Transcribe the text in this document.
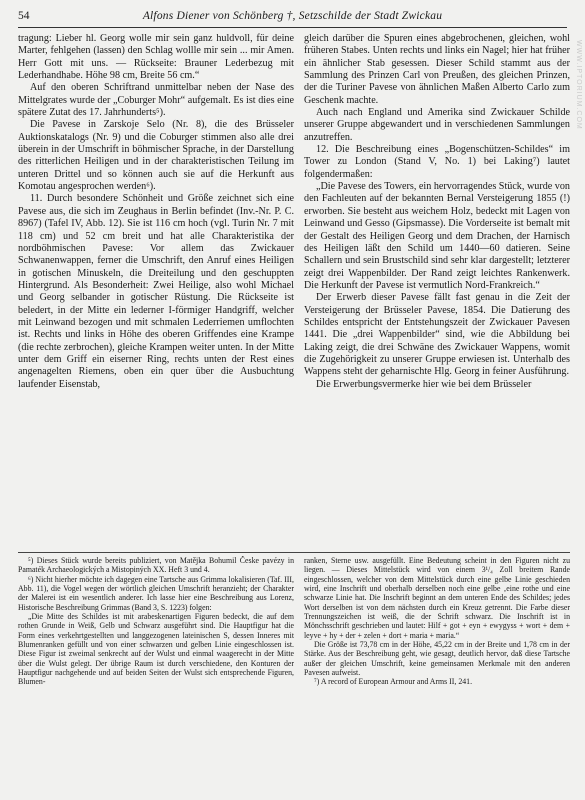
54	Alfons Diener von Schönberg †, Setzschilde der Stadt Zwickau

tragung: Lieber hl. Georg wolle mir sein ganz huldvoll, für deine Marter, fehlgehen (lassen) den Schlag wollle mir sein ... mir Amen. Herr Gott mit uns. — Rückseite: Brauner Lederbezug mit Lederhandhabe. Höhe 98 cm, Breite 56 cm.“

Auf den oberen Schriftrand unmittelbar neben der Nase des Mittelgrates wurde der „Coburger Mohr“ aufgemalt. Es ist dies eine spätere Zutat des 17. Jahrhunderts⁵).

Die Pavese in Zarskoje Selo (Nr. 8), die des Brüsseler Auktionskatalogs (Nr. 9) und die Coburger stimmen also alle drei überein in der Umschrift in böhmischer Sprache, in der Darstellung des ritterlichen Heiligen und in der charakteristischen Teilung im unteren Drittel und so können auch sie auf die Herkunft aus Komotau angesprochen werden⁶).

11. Durch besondere Schönheit und Größe zeichnet sich eine Pavese aus, die sich im Zeughaus in Berlin befindet (Inv.-Nr. P. C. 8967) (Tafel IV, Abb. 12). Sie ist 116 cm hoch (vgl. Turin Nr. 7 mit 118 cm) und 52 cm breit und hat alle Charakteristika der nordböhmischen Pavese: Vor allem das Zwickauer Schwanenwappen, ferner die Umschrift, den Anruf eines Heiligen in gotischen Minuskeln, die Dreiteilung und den geschuppten Hintergrund. Als Besonderheit: Zwei Heilige, also wohl Michael und Georg selbander in gotischer Rüstung. Die Rückseite ist beledert, in der Mitte ein lederner I-förmiger Handgriff, welcher mit Leinwand bezogen und mit schmalen Lederriemen umflochten ist. Rechts und links in Höhe des oberen Griffendes eine Krampe (die rechte zerbrochen), gleiche Krampen weiter unten. In der Mitte unter dem Griff ein eiserner Ring, rechts unten der Rest eines angenagelten Riemens, oben ein quer über die Ausbuchtung laufender Eisenstab,

gleich darüber die Spuren eines abgebrochenen, gleichen, wohl früheren Stabes. Unten rechts und links ein Nagel; hier hat früher ein ähnlicher Stab gesessen. Dieser Schild stammt aus der Sammlung des Prinzen Carl von Preußen, des gleichen Prinzen, der die Turiner Pavese von ähnlichen Maßen Alberto Carlo zum Geschenk machte.

Auch nach England und Amerika sind Zwickauer Schilde unserer Gruppe abgewandert und in verschiedenen Sammlungen anzutreffen.

12. Die Beschreibung eines „Bogenschützen-Schildes“ im Tower zu London (Stand V, No. 1) bei Laking⁷) lautet folgendermaßen:

„Die Pavese des Towers, ein hervorragendes Stück, wurde von den Fachleuten auf der bekannten Bernal Versteigerung 1855 (!) erworben. Sie besteht aus weichem Holz, bedeckt mit Lagen von Leinwand und Gesso (Gipsmasse). Die Vorderseite ist bemalt mit der Gestalt des Heiligen Georg und dem Drachen, der Harnisch des Heiligen läßt den Schild um 1440—60 datieren. Seine Schallern und sein Brustschild sind sehr klar dargestellt; letzterer zeigt drei Wappenbilder. Der Rand zeigt leichtes Rankenwerk. Die Herkunft der Pavese ist vermutlich Nord-Frankreich.“

Der Erwerb dieser Pavese fällt fast genau in die Zeit der Versteigerung der Brüsseler Pavese, 1854. Die Datierung des Schildes entspricht der Entstehungszeit der Zwickauer Pavesen 1441. Die „drei Wappenbilder“ sind, wie die Abbildung bei Laking zeigt, die drei Schwäne des Zwickauer Wappens, womit die Zugehörigkeit zu unserer Gruppe erwiesen ist. Unterhalb des Wappens steht der geharnischte Hlg. Georg in feiner Ausführung.

Die Erwerbungsvermerke hier wie bei dem Brüsseler

⁵) Dieses Stück wurde bereits publiziert, von Matějka Bohumil Česke pavézy in Pamaték Archaeologických a Mistopiných XX. Heft 3 und 4.

⁶) Nicht hierher möchte ich dagegen eine Tartsche aus Grimma lokalisieren (Taf. III, Abb. 11), die Vogel wegen der wörtlich gleichen Umschrift heranzieht; der Charakter der Malerei ist ein wesentlich anderer. Ich lasse hier eine Beschreibung aus Lorenz, Historische Beschreibung Grimmas (Band 3, S. 1223) folgen:

„Die Mitte des Schildes ist mit arabeskenartigen Figuren bedeckt, die auf dem rothen Grunde in Weiß, Gelb und Schwarz ausgeführt sind. Die Hauptfigur hat die Form eines verkehrtgestellten und langgezogenen lateinischen S, dessen Inneres mit Blumenranken gefüllt und von einer schwarzen und gelben Linie eingeschlossen ist. Diese Figur ist zweimal senkrecht auf der Wulst und einmal waagerecht in der Mitte über die Wulst gelegt. Der übrige Raum ist durch verschiedene, den Konturen der Hauptfigur nachgehende und auf beiden Seiten der Wulst sich entsprechende Figuren, Blumen-

ranken, Sterne usw. ausgefüllt. Eine Bedeutung scheint in den Figuren nicht zu liegen. — Dieses Mittelstück wird von einem 3¹/₄ Zoll breitem Rande eingeschlossen, welcher von dem Mittelstück durch eine gelbe Linie geschieden wird, eine Inschrift und oberhalb derselben noch eine gelbe ‚eine rothe und eine schwarze Linie hat. Die Inschrift beginnt an dem unteren Ende des Schildes; jedes Wort derselben ist von dem nächsten durch ein Kreuz getrennt. Die Farbe dieser Trennungszeichen ist weiß, die der Schrift schwarz. Die Inschrift ist in Mönchsschrift geschrieben und lautet: Hilf + got + eyn + ewygyss + wort + dem + leyve + hy + der + zelen + dort + maria + maria.“

Die Größe ist 73,78 cm in der Höhe, 45,22 cm in der Breite und 1,78 cm in der Stärke. Aus der Beschreibung geht, wie gesagt, deutlich hervor, daß diese Tartsche außer der gleichen Umschrift, keine gemeinsamen Merkmale mit den anderen Pavesen aufweist.

⁷) A record of European Armour and Arms II, 241.

WWW.IPTORIUM.COM
